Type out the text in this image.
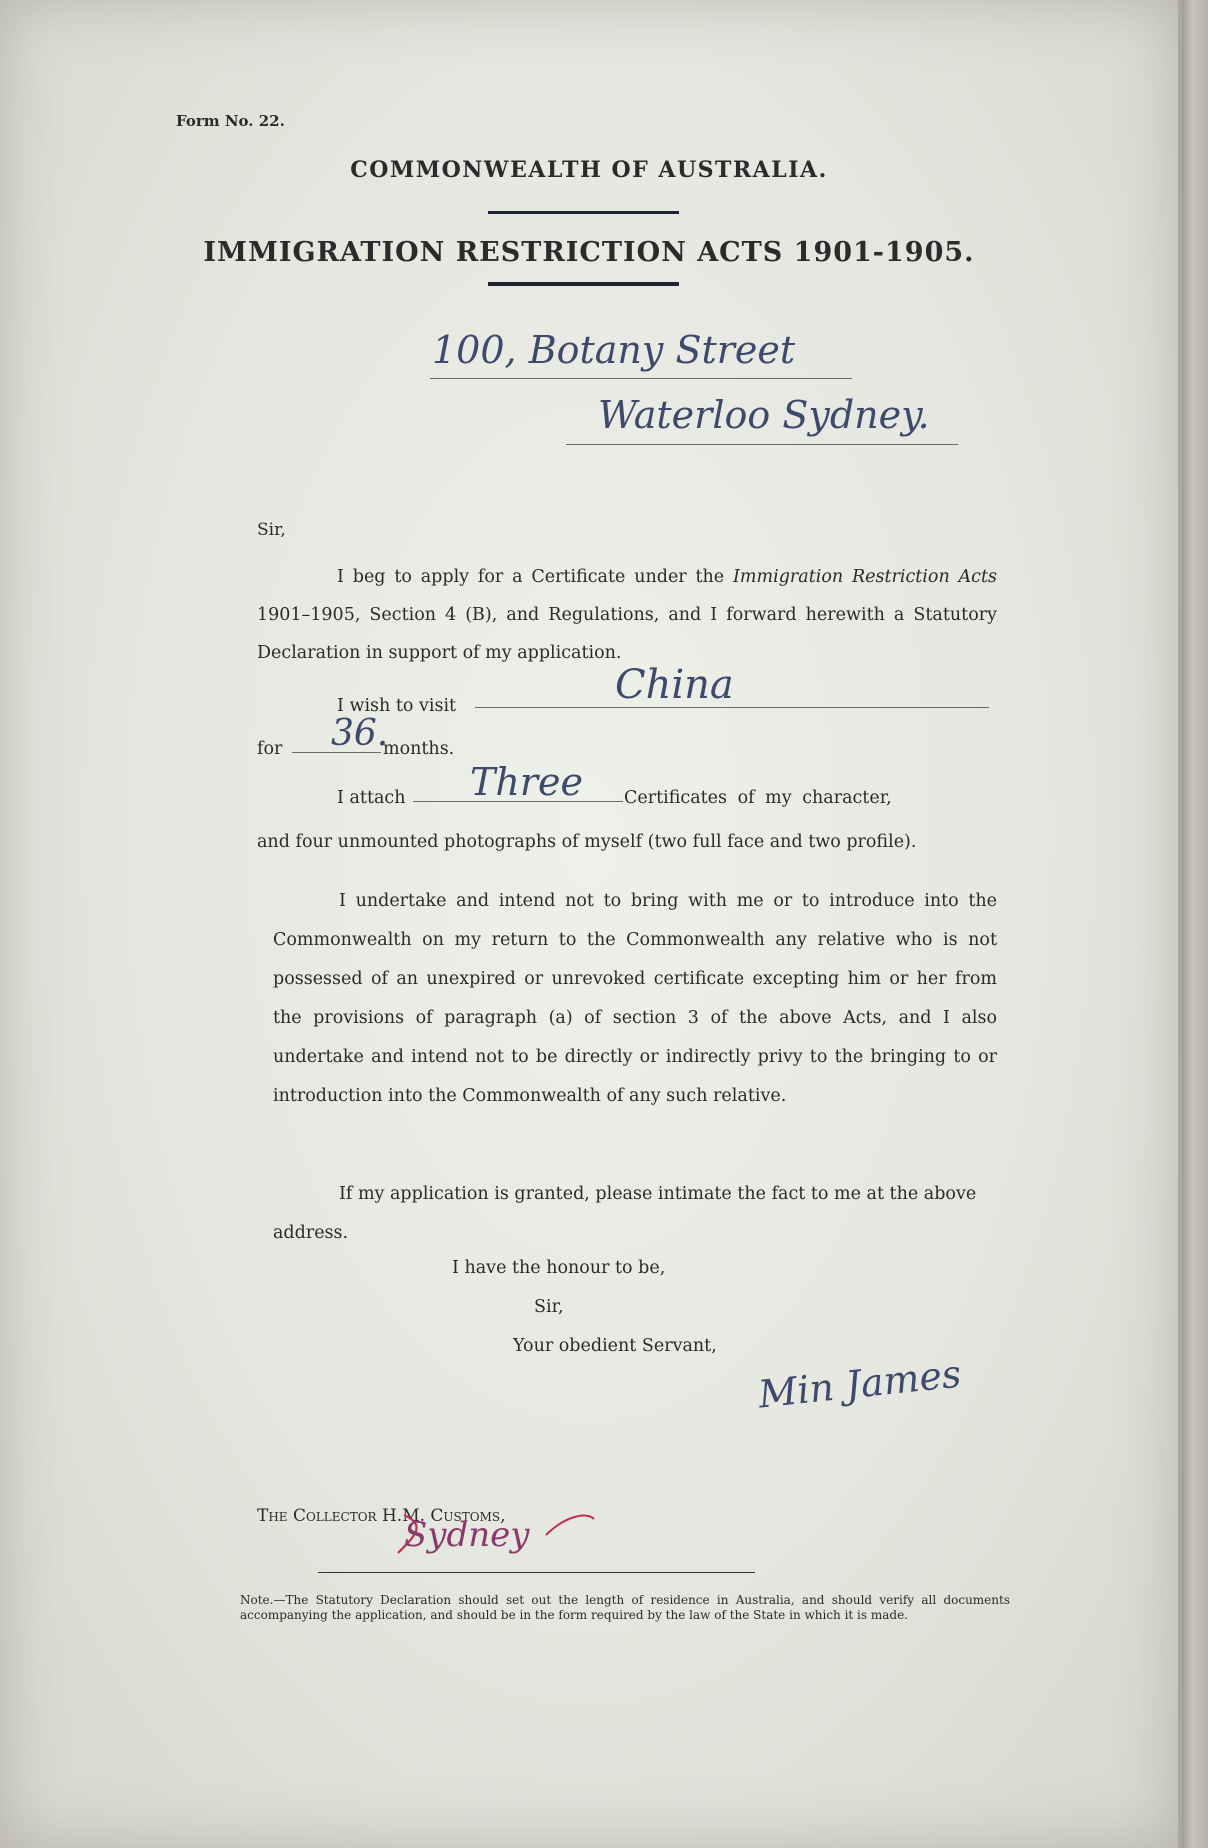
Form No. 22.
COMMONWEALTH OF AUSTRALIA.
IMMIGRATION RESTRICTION ACTS 1901-1905.
100, Botany Street
Waterloo Sydney.
Sir,

I beg to apply for a Certificate under the Immigration Restriction Acts 1901–1905, Section 4 (B), and Regulations, and I forward herewith a Statutory Declaration in support of my application.

I wish to visit	China
for 36.
months.
I attach Three Certificates of my character,
and four unmounted photographs of myself (two full face and two profile).

I undertake and intend not to bring with me or to introduce into the Commonwealth on my return to the Commonwealth any relative who is not possessed of an unexpired or unrevoked certificate excepting him or her from the provisions of paragraph (a) of section 3 of the above Acts, and I also undertake and intend not to be directly or indirectly privy to the bringing to or introduction into the Commonwealth of any such relative.

If my application is granted, please intimate the fact to me at the above address.

I have the honour to be,
Sir,
Your obedient Servant,
Min James
The Collector H.M. Customs,
Sydney
Note.—The Statutory Declaration should set out the length of residence in Australia, and should verify all documents accompanying the application, and should be in the form required by the law of the State in which it is made.
